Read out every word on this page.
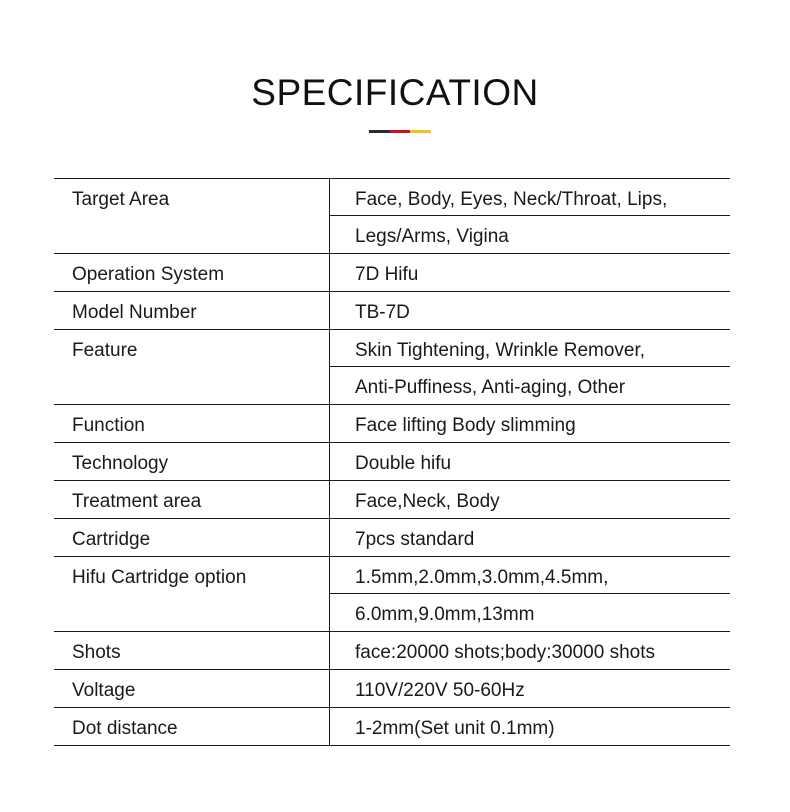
SPECIFICATION
Target Area	Face, Body, Eyes, Neck/Throat, Lips,
Legs/Arms, Vigina
Operation System	7D Hifu
Model Number	TB-7D
Feature	Skin Tightening, Wrinkle Remover,
Anti-Puffiness, Anti-aging, Other
Function	Face lifting Body slimming
Technology	Double hifu
Treatment area	Face,Neck, Body
Cartridge	7pcs standard
Hifu Cartridge option	1.5mm,2.0mm,3.0mm,4.5mm,
6.0mm,9.0mm,13mm
Shots	face:20000 shots;body:30000 shots
Voltage	110V/220V 50-60Hz
Dot distance	1-2mm(Set unit 0.1mm)
